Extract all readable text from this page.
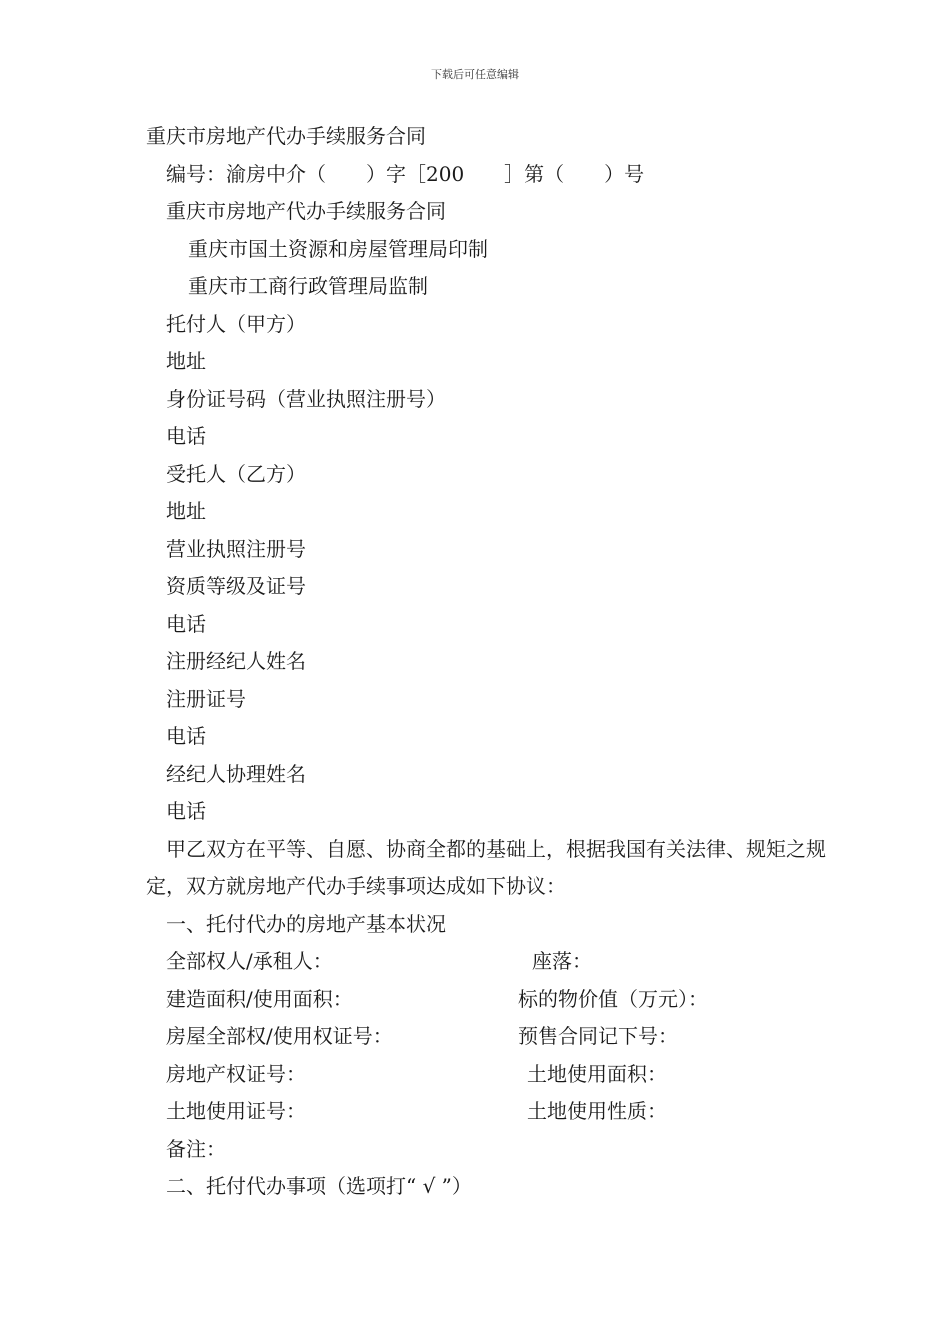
下载后可任意编辑
重庆市房地产代办手续服务合同
编号：渝房中介（　　）字［200　　］第（　　）号
重庆市房地产代办手续服务合同
重庆市国土资源和房屋管理局印制
重庆市工商行政管理局监制
托付人（甲方）
地址
身份证号码（营业执照注册号）
电话
受托人（乙方）
地址
营业执照注册号
资质等级及证号
电话
注册经纪人姓名
注册证号
电话
经纪人协理姓名
电话
甲乙双方在平等、自愿、协商全都的基础上，根据我国有关法律、规矩之规定，双方就房地产代办手续事项达成如下协议：
一、托付代办的房地产基本状况
全部权人/承租人：	座落：
建造面积/使用面积：	标的物价值（万元）：
房屋全部权/使用权证号：	预售合同记下号：
房地产权证号：	土地使用面积：
土地使用证号：	土地使用性质：
备注：
二、托付代办事项（选项打“ √ ”）
